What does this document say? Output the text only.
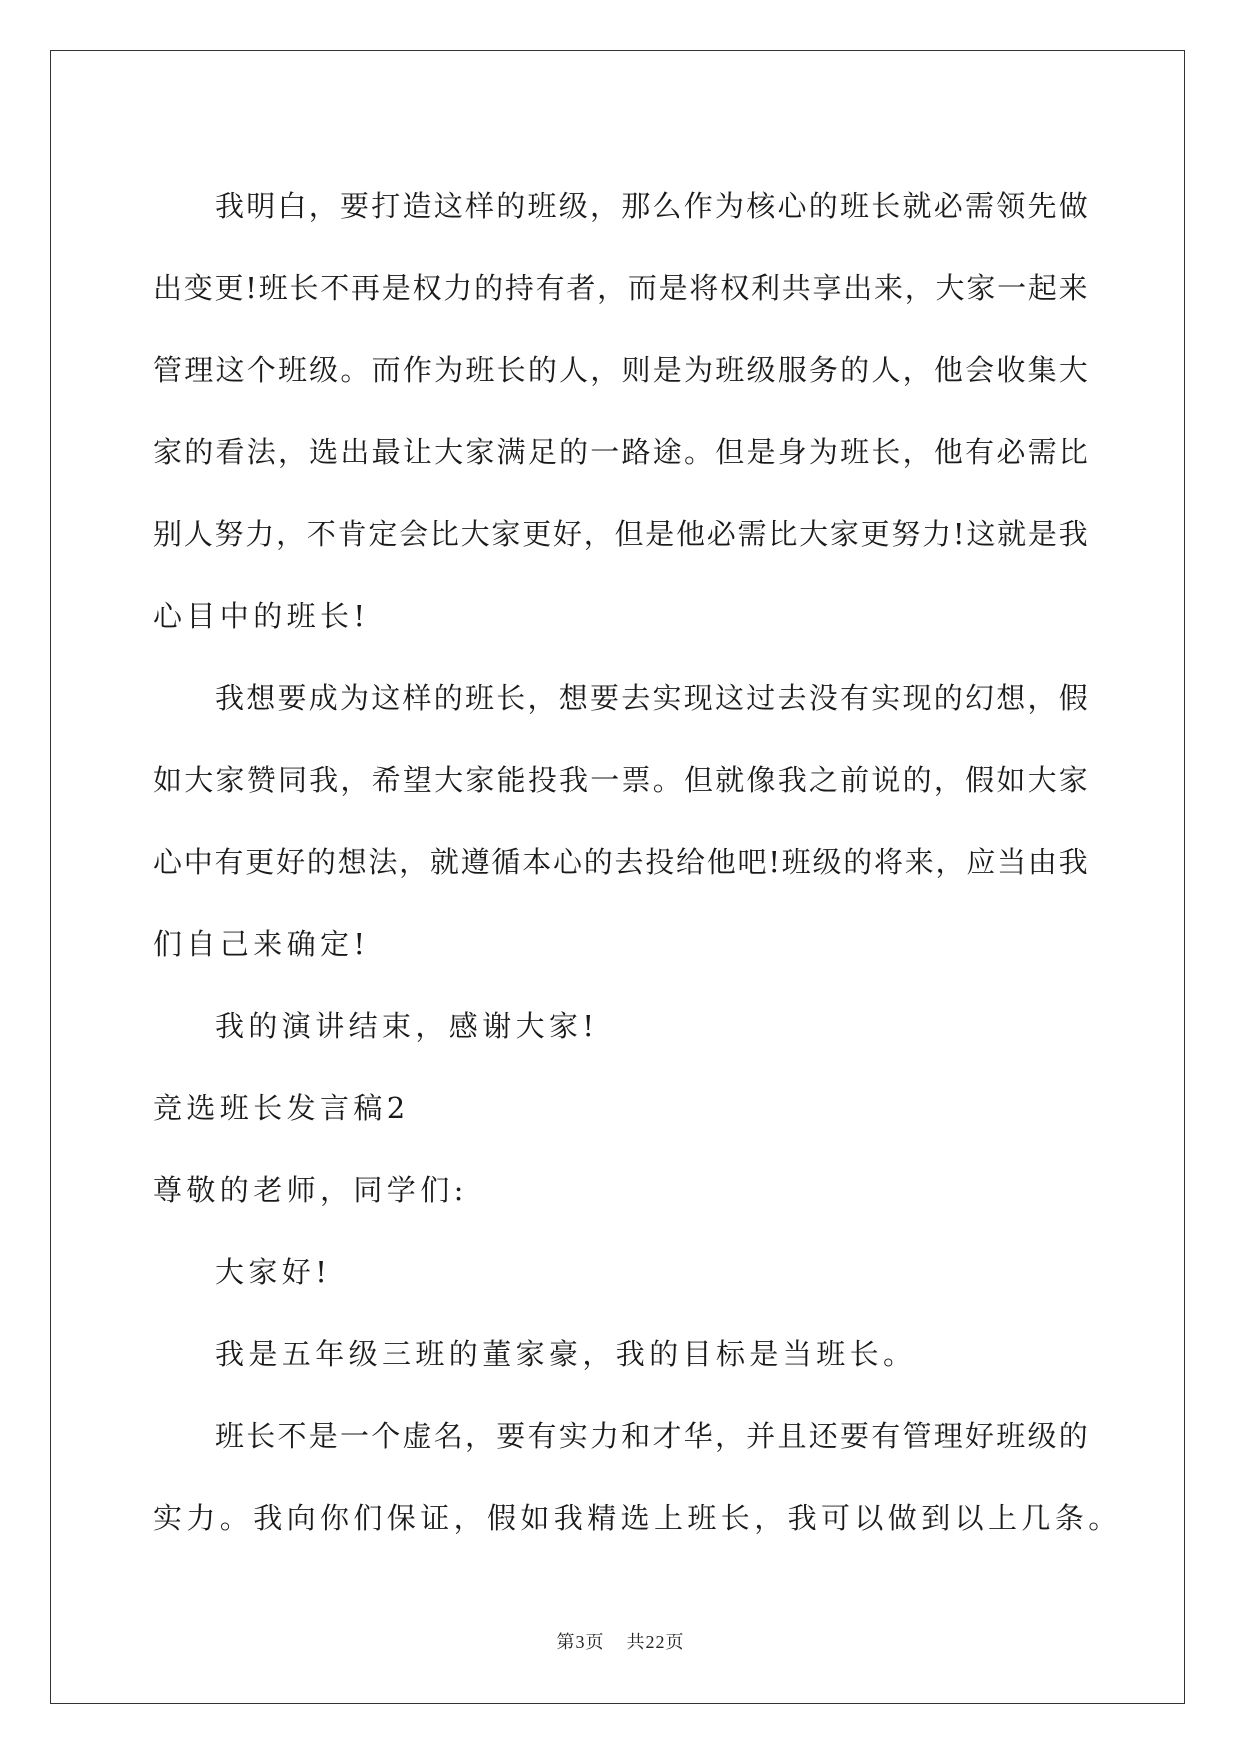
我 明 白 ， 要 打 造 这 样 的 班 级 ， 那 么 作 为 核 心 的 班 长 就 必 需 领 先 做

出 变 更 ! 班 长 不 再 是 权 力 的 持 有 者 ， 而 是 将 权 利 共 享 出 来 ， 大 家 一 起 来

管 理 这 个 班 级 。 而 作 为 班 长 的 人 ， 则 是 为 班 级 服 务 的 人 ， 他 会 收 集 大

家 的 看 法 ， 选 出 最 让 大 家 满 足 的 一 路 途 。 但 是 身 为 班 长 ， 他 有 必 需 比

别 人 努 力 ， 不 肯 定 会 比 大 家 更 好 ， 但 是 他 必 需 比 大 家 更 努 力 ! 这 就 是 我

心目中的班长!

我 想 要 成 为 这 样 的 班 长 ， 想 要 去 实 现 这 过 去 没 有 实 现 的 幻 想 ， 假

如 大 家 赞 同 我 ， 希 望 大 家 能 投 我 一 票 。 但 就 像 我 之 前 说 的 ， 假 如 大 家

心 中 有 更 好 的 想 法 ， 就 遵 循 本 心 的 去 投 给 他 吧 ! 班 级 的 将 来 ， 应 当 由 我

们自己来确定!

我的演讲结束，感谢大家!

竞选班长发言稿2

尊敬的老师，同学们:

大家好!

我是五年级三班的董家豪，我的目标是当班长。

班 长 不 是 一 个 虚 名 ， 要 有 实 力 和 才 华 ， 并 且 还 要 有 管 理 好 班 级 的

实力。我向你们保证，假如我精选上班长，我可以做到以上几条。

第3页 共22页
